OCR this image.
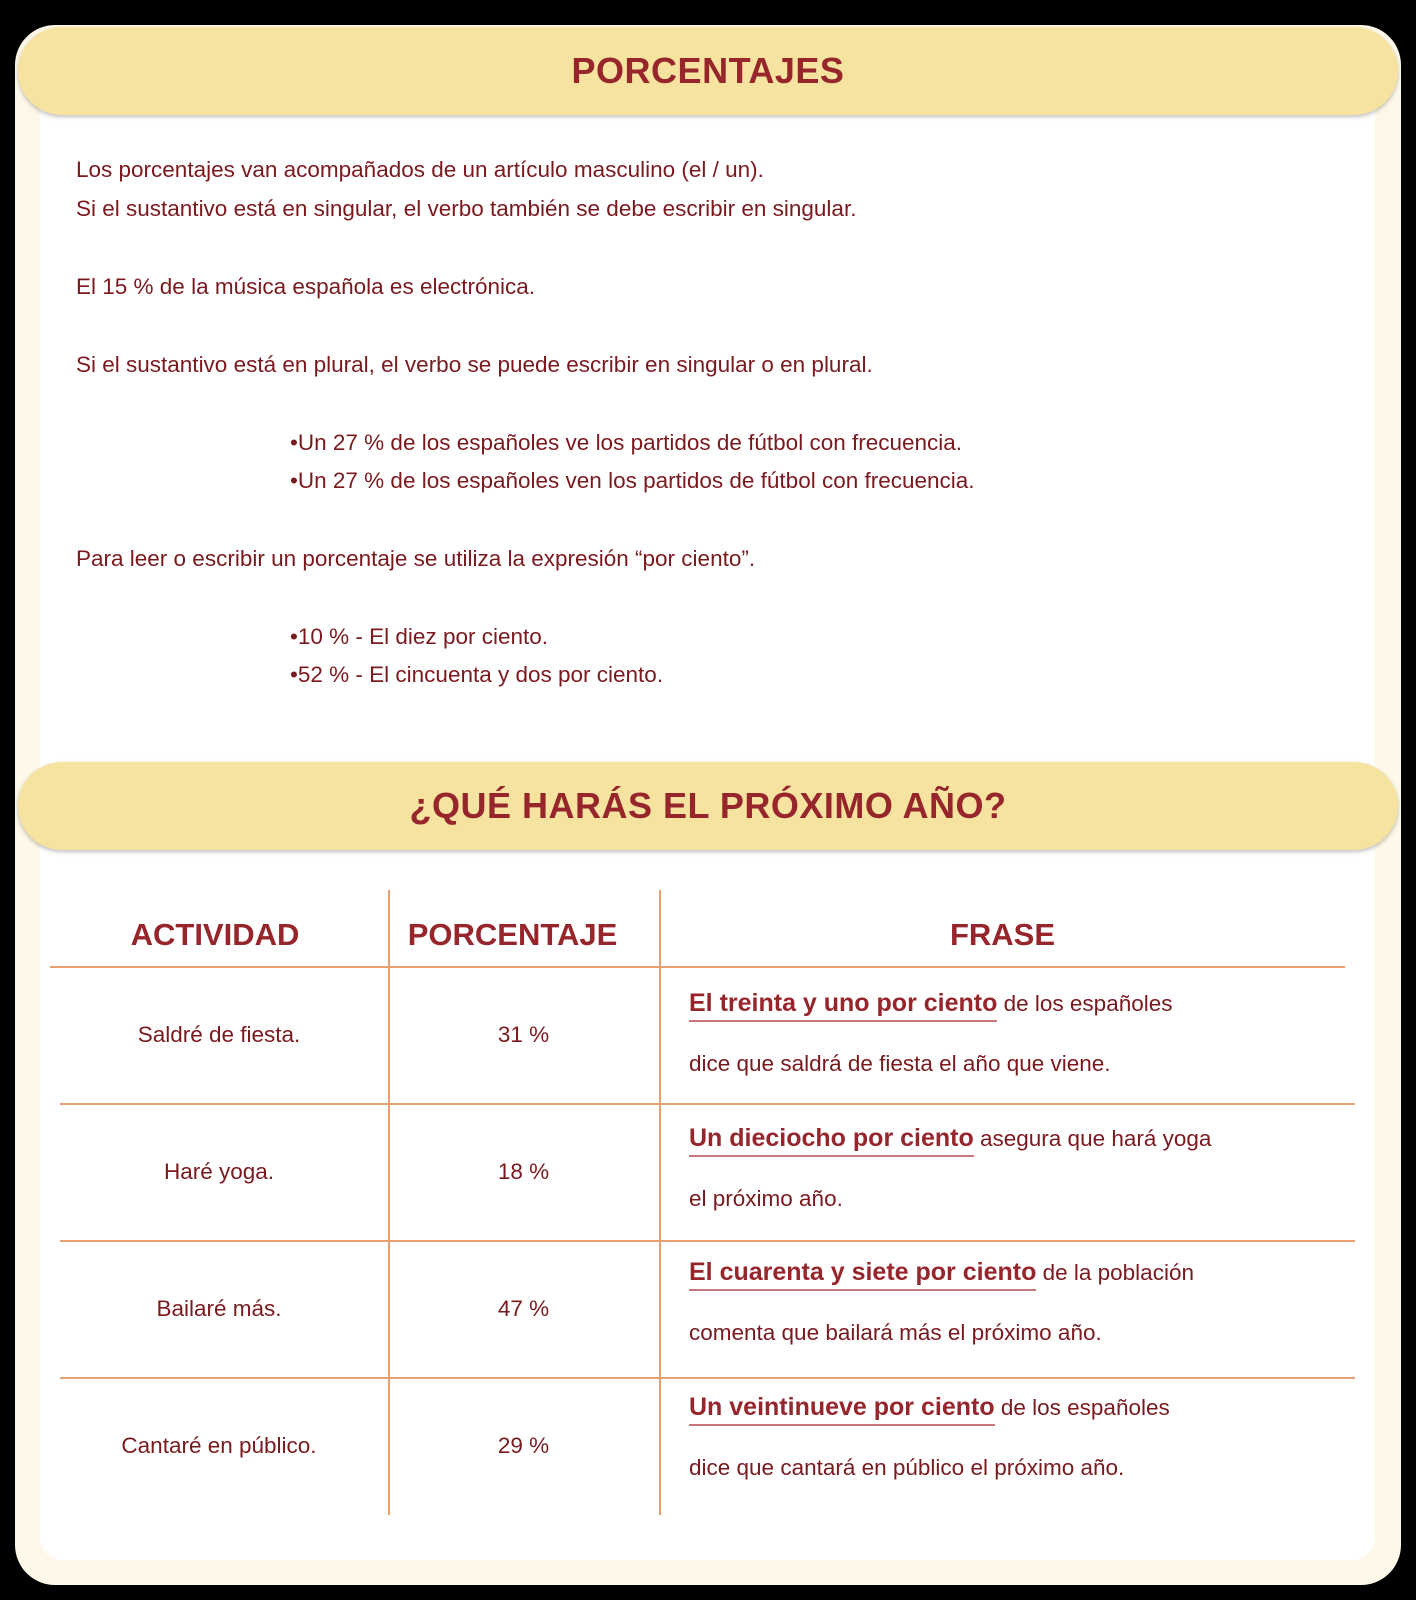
PORCENTAJES
Los porcentajes van acompañados de un artículo masculino (el / un).
Si el sustantivo está en singular, el verbo también se debe escribir en singular.
El 15 % de la música española es electrónica.
Si el sustantivo está en plural, el verbo se puede escribir en singular o en plural.
•Un 27 % de los españoles ve los partidos de fútbol con frecuencia.
•Un 27 % de los españoles ven los partidos de fútbol con frecuencia.
Para leer o escribir un porcentaje se utiliza la expresión “por ciento”.
•10 % - El diez por ciento.
•52 % - El cincuenta y dos por ciento.
¿QUÉ HARÁS EL PRÓXIMO AÑO?
ACTIVIDAD	PORCENTAJE	FRASE
Saldré de fiesta.	31 %
El treinta y uno por ciento de los españoles
dice que saldrá de fiesta el año que viene.
Haré yoga.	18 %
Un dieciocho por ciento asegura que hará yoga
el próximo año.
Bailaré más.	47 %
El cuarenta y siete por ciento de la población
comenta que bailará más el próximo año.
Cantaré en público.	29 %
Un veintinueve por ciento de los españoles
dice que cantará en público el próximo año.
